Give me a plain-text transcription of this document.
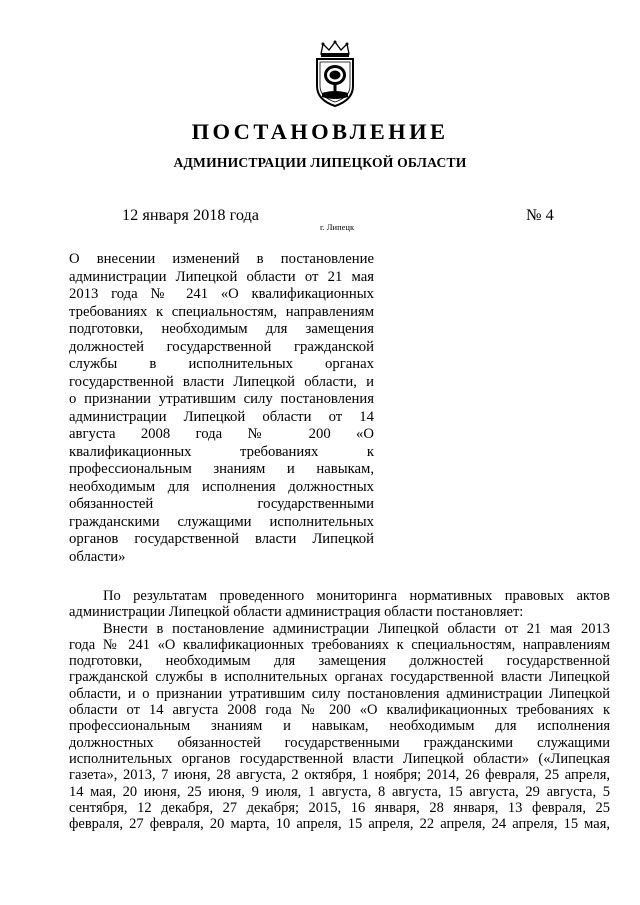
ПОСТАНОВЛЕНИЕ
АДМИНИСТРАЦИИ ЛИПЕЦКОЙ ОБЛАСТИ
12 января 2018 года
г. Липецк
№ 4
О внесении изменений в постановление
администрации Липецкой области от 21 мая
2013 года № 241 «О квалификационных
требованиях к специальностям, направлениям
подготовки, необходимым для замещения
должностей государственной гражданской
службы в исполнительных органах
государственной власти Липецкой области, и
о признании утратившим силу постановления
администрации Липецкой области от 14
августа 2008 года № 200 «О
квалификационных требованиях к
профессиональным знаниям и навыкам,
необходимым для исполнения должностных
обязанностей государственными
гражданскими служащими исполнительных
органов государственной власти Липецкой
области»
По результатам проведенного мониторинга нормативных правовых актов
администрации Липецкой области администрация области постановляет:
Внести в постановление администрации Липецкой области от 21 мая 2013
года № 241 «О квалификационных требованиях к специальностям, направлениям
подготовки, необходимым для замещения должностей государственной
гражданской службы в исполнительных органах государственной власти Липецкой
области, и о признании утратившим силу постановления администрации Липецкой
области от 14 августа 2008 года № 200 «О квалификационных требованиях к
профессиональным знаниям и навыкам, необходимым для исполнения
должностных обязанностей государственными гражданскими служащими
исполнительных органов государственной власти Липецкой области» («Липецкая
газета», 2013, 7 июня, 28 августа, 2 октября, 1 ноября; 2014, 26 февраля, 25 апреля,
14 мая, 20 июня, 25 июня, 9 июля, 1 августа, 8 августа, 15 августа, 29 августа, 5
сентября, 12 декабря, 27 декабря; 2015, 16 января, 28 января, 13 февраля, 25
февраля, 27 февраля, 20 марта, 10 апреля, 15 апреля, 22 апреля, 24 апреля, 15 мая,
